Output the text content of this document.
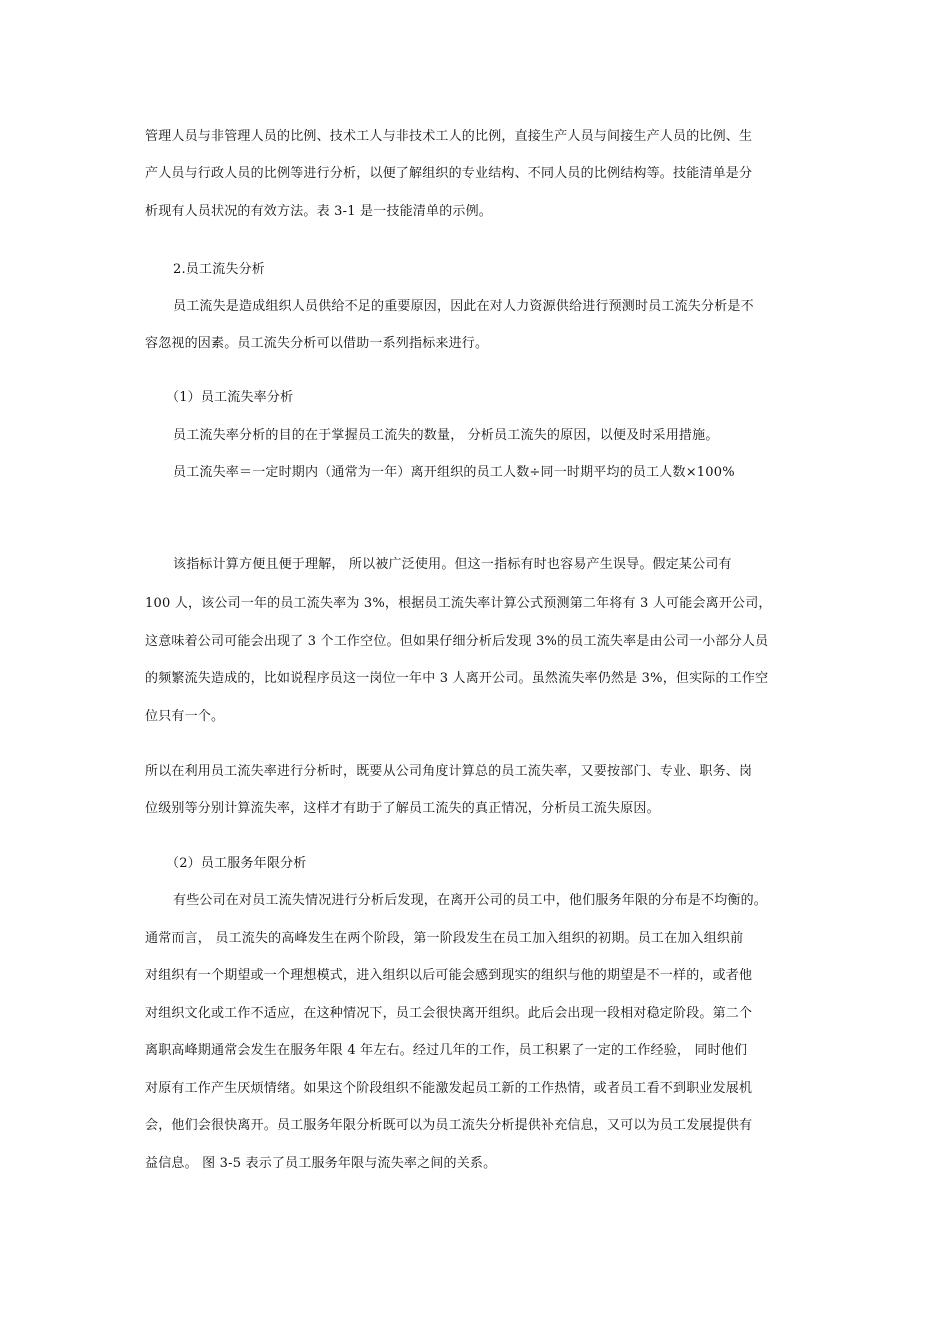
管理人员与非管理人员的比例、技术工人与非技术工人的比例，直接生产人员与间接生产人员的比例、生
产人员与行政人员的比例等进行分析，以便了解组织的专业结构、不同人员的比例结构等。技能清单是分
析现有人员状况的有效方法。表 3-1 是一技能清单的示例。
2.员工流失分析
员工流失是造成组织人员供给不足的重要原因，因此在对人力资源供给进行预测时员工流失分析是不
容忽视的因素。员工流失分析可以借助一系列指标来进行。
（1）员工流失率分析
员工流失率分析的目的在于掌握员工流失的数量， 分析员工流失的原因，以便及时采用措施。
员工流失率＝一定时期内（通常为一年）离开组织的员工人数÷同一时期平均的员工人数×100%
该指标计算方便且便于理解， 所以被广泛使用。但这一指标有时也容易产生误导。假定某公司有
100 人，该公司一年的员工流失率为 3%，根据员工流失率计算公式预测第二年将有 3 人可能会离开公司，
这意味着公司可能会出现了 3 个工作空位。但如果仔细分析后发现 3%的员工流失率是由公司一小部分人员
的频繁流失造成的，比如说程序员这一岗位一年中 3 人离开公司。虽然流失率仍然是 3%，但实际的工作空
位只有一个。
所以在利用员工流失率进行分析时，既要从公司角度计算总的员工流失率，又要按部门、专业、职务、岗
位级别等分别计算流失率，这样才有助于了解员工流失的真正情况，分析员工流失原因。
（2）员工服务年限分析
有些公司在对员工流失情况进行分析后发现，在离开公司的员工中，他们服务年限的分布是不均衡的。
通常而言， 员工流失的高峰发生在两个阶段，第一阶段发生在员工加入组织的初期。员工在加入组织前
对组织有一个期望或一个理想模式，进入组织以后可能会感到现实的组织与他的期望是不一样的，或者他
对组织文化或工作不适应，在这种情况下，员工会很快离开组织。此后会出现一段相对稳定阶段。第二个
离职高峰期通常会发生在服务年限 4 年左右。经过几年的工作，员工积累了一定的工作经验， 同时他们
对原有工作产生厌烦情绪。如果这个阶段组织不能激发起员工新的工作热情，或者员工看不到职业发展机
会，他们会很快离开。员工服务年限分析既可以为员工流失分析提供补充信息，又可以为员工发展提供有
益信息。 图 3-5 表示了员工服务年限与流失率之间的关系。
